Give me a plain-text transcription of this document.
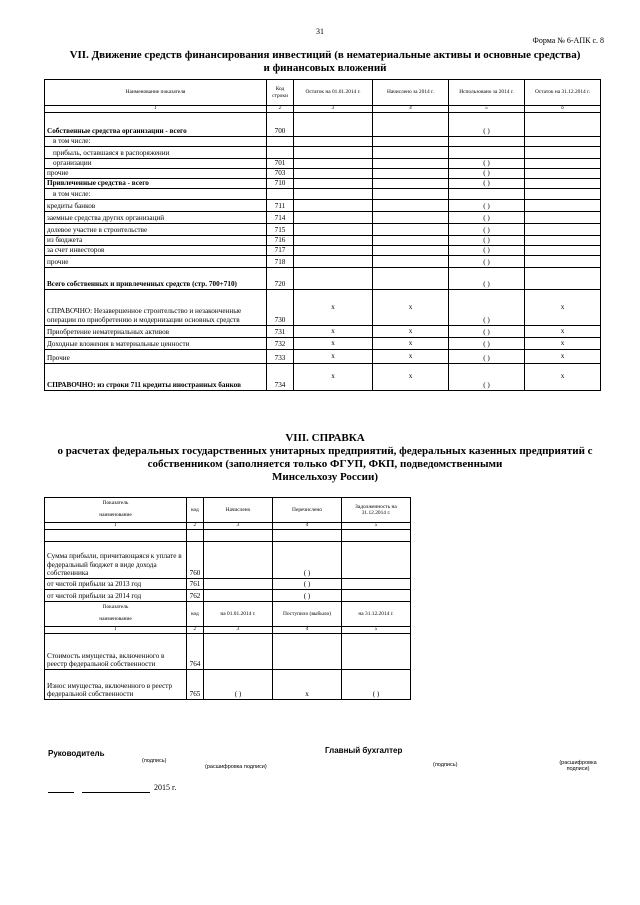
31
Форма № 6-АПК с. 8
VII. Движение средств финансирования инвестиций (в нематериальные активы и основные средства)
и финансовых вложений
Наименование показателя	Код строки	Остаток на 01.01.2014 г.	Начислено за 2014 г.	Использовано за 2014 г.	Остаток на 31.12.2014 г.
1	2	3	4	5	6
Собственные средства организации - всего	700			( )	
в том числе:					
прибыль, оставшаяся в распоряжении					
организации	701			( )	
прочие	703			( )	
Привлеченные средства - всего	710			( )	
в том числе:					
кредиты банков	711			( )	
заемные средства других организаций	714			( )	
долевое участие в строительстве	715			( )	
из бюджета	716			( )	
за счет инвесторов	717			( )	
прочие	718			( )	
Всего собственных и привлеченных средств (стр. 700+710)	720			( )	
СПРАВОЧНО: Незавершенное строительство и незаконченные операции по приобретению и модернизации основных средств	730	x	x	( )	x
Приобретение нематериальных активов	731	x	x	( )	x
Доходные вложения в материальные ценности	732	x	x	( )	x
Прочие	733	x	x	( )	x
СПРАВОЧНО: из строки 711 кредиты иностранных банков	734	x	x	( )	x
VIII. СПРАВКА
о расчетах федеральных государственных унитарных предприятий, федеральных казенных предприятий с
собственником (заполняется только ФГУП, ФКП, подведомственными
Минсельхозу России)
Показатель	код	Начислено	Перечислено	Задолженность на 31.12.2014 г.
наименование				
1	2	3	4	5

Сумма прибыли, причитающаяся к уплате в федеральный бюджет в виде дохода собственника	760		( )	
от чистой прибыли за 2013 год	761		( )	
от чистой прибыли за 2014 год	762		( )	
Показатель	код	на 01.01.2014 г.	Поступило (выбыло)	на 31.12.2014 г.
наименование				
1	2	3	4	5
Стоимость имущества, включенного в реестр федеральной собственности	764			
Износ имущества, включенного в реестр федеральной собственности	765	( )	x	( )
Руководитель
(подпись)
(расшифровка подписи)
Главный бухгалтер
(подпись)	(расшифровка
подписи)
2015 г.
